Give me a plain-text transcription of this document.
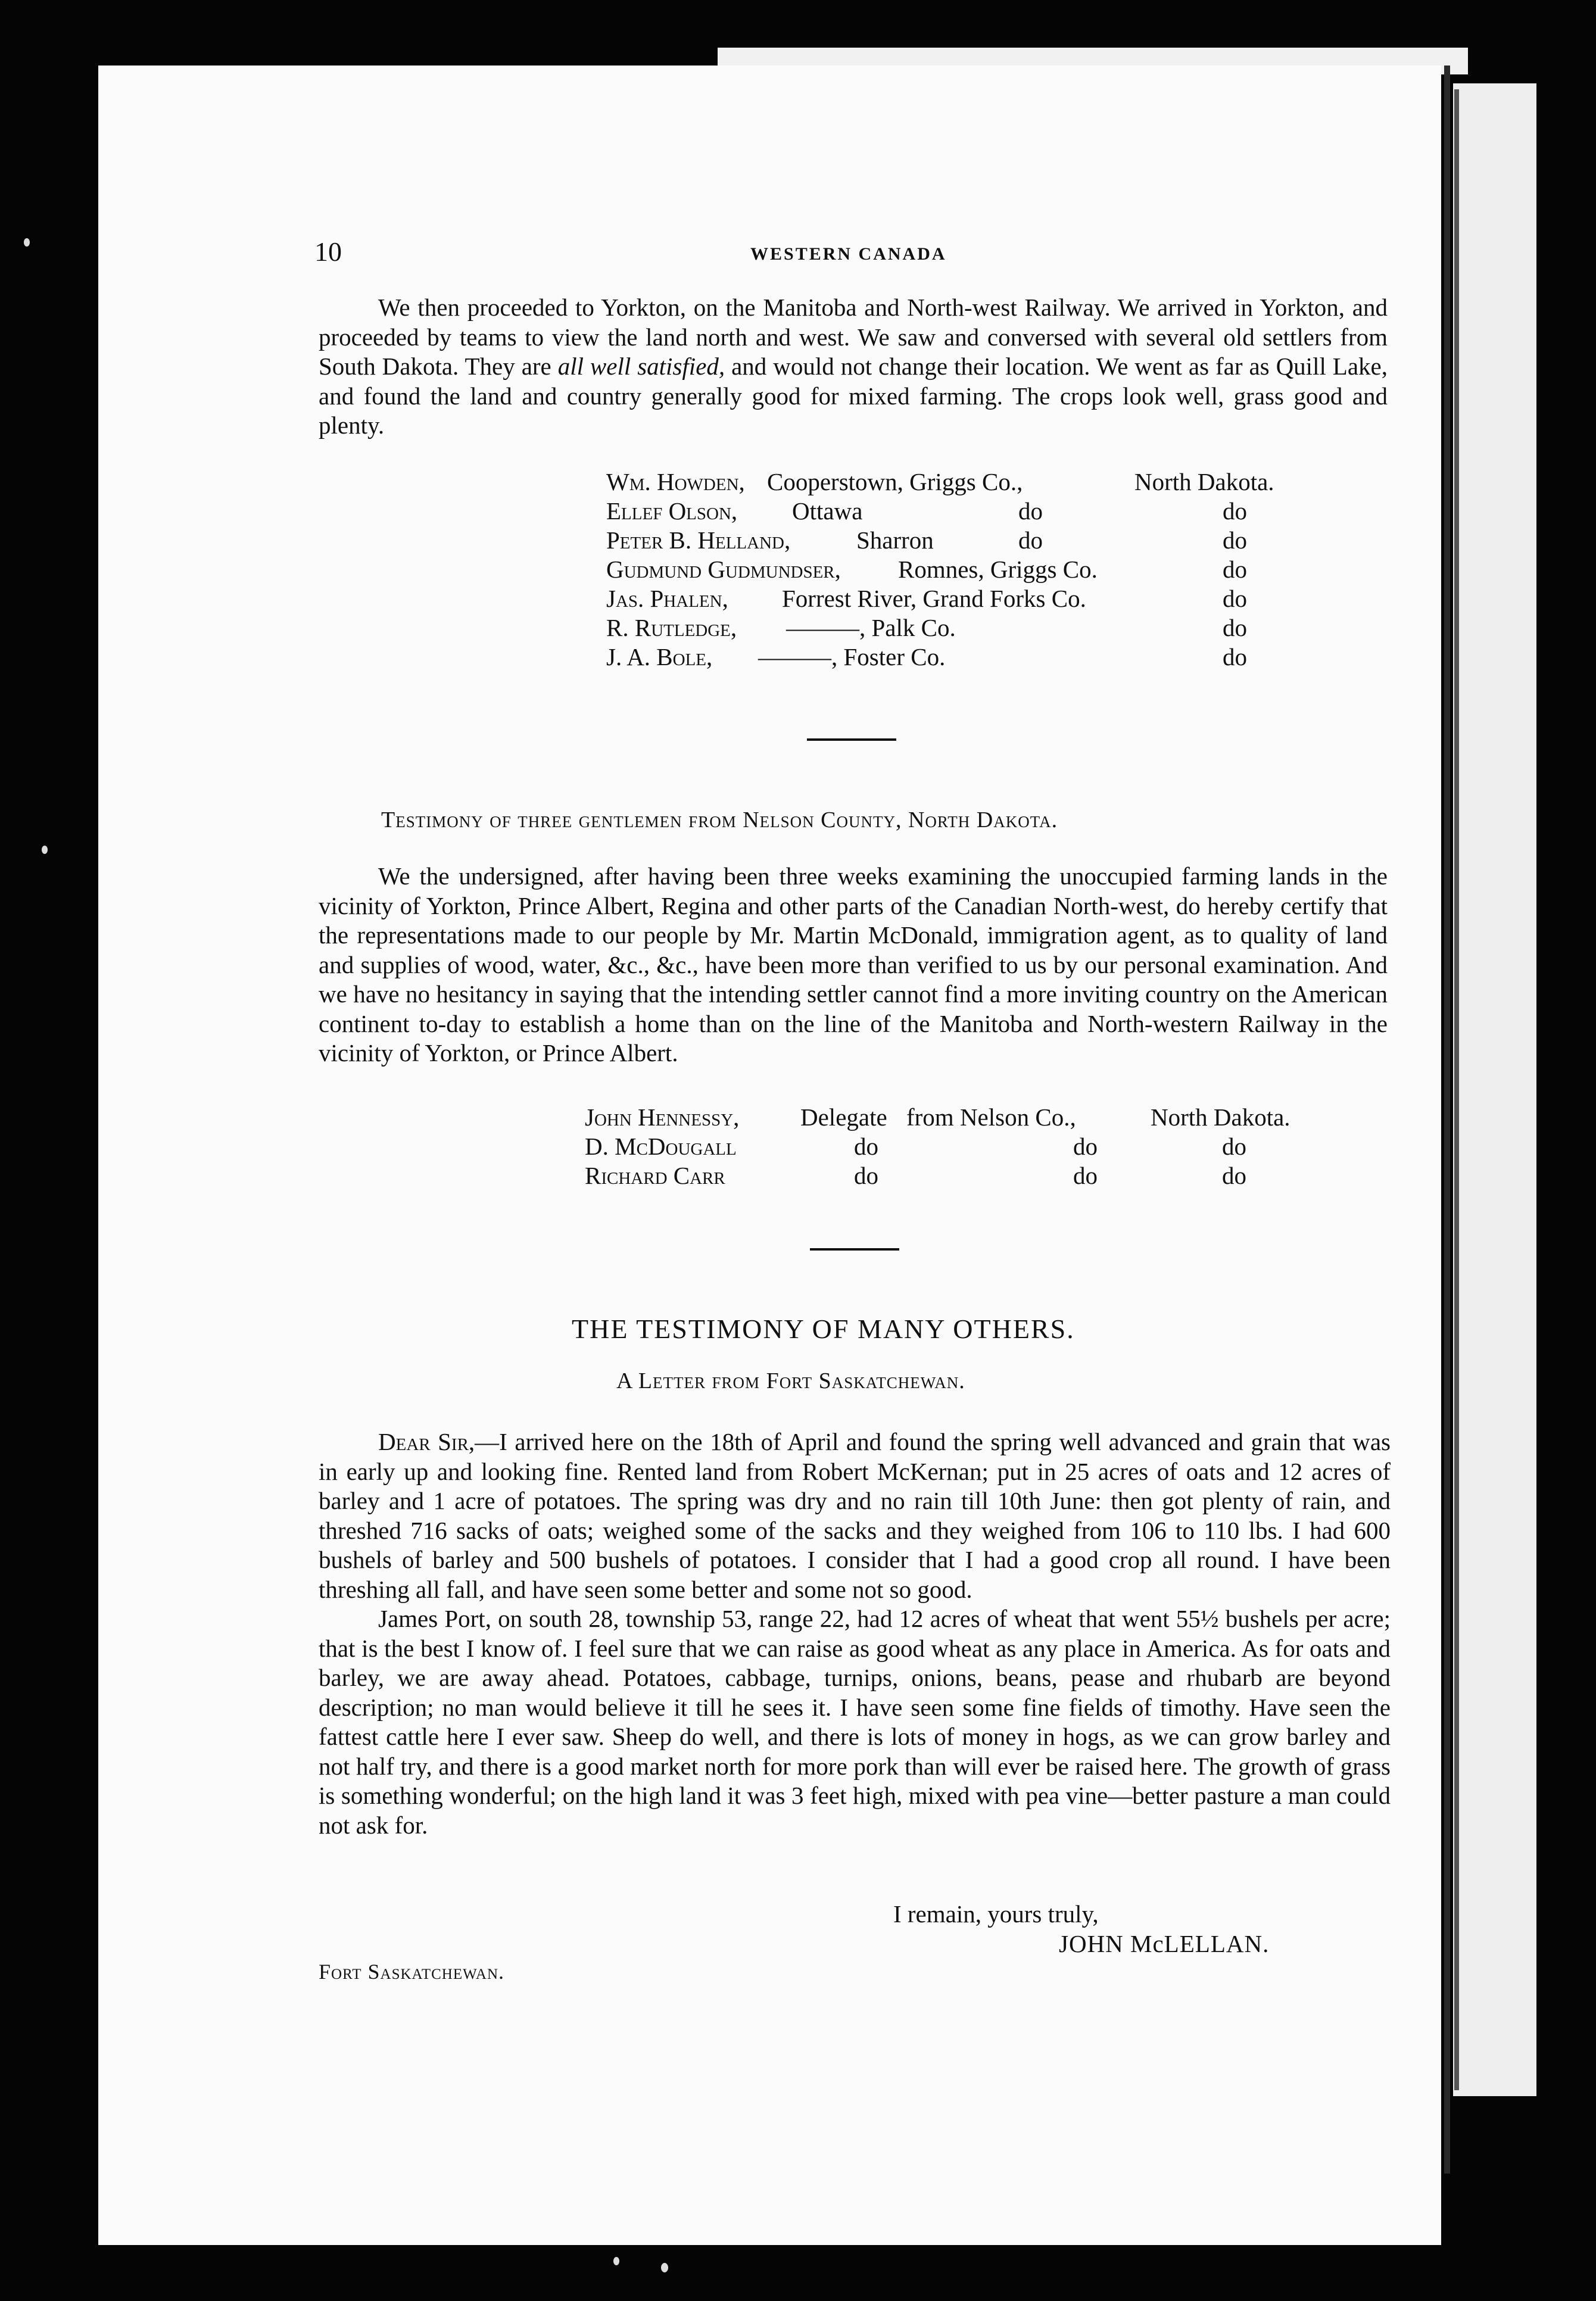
10	WESTERN CANADA

We then proceeded to Yorkton, on the Manitoba and North-west Railway. We arrived in Yorkton, and proceeded by teams to view the land north and west. We saw and conversed with several old settlers from South Dakota. They are all well satisfied, and would not change their location. We went as far as Quill Lake, and found the land and country generally good for mixed farming. The crops look well, grass good and plenty.

Wm. Howden, Cooperstown, Griggs Co.,	North Dakota.
Ellef Olson, Ottawa	do	do
Peter B. Helland,	Sharron	do	do
Gudmund Gudmundser, Romnes, Griggs Co.	do
Jas. Phalen, Forrest River, Grand Forks Co.	do
R. Rutledge, ———, Palk Co.	do
J. A. Bole, ———, Foster Co.	do
Testimony of three gentlemen from Nelson County, North Dakota.

We the undersigned, after having been three weeks examining the unoccupied farming lands in the vicinity of Yorkton, Prince Albert, Regina and other parts of the Canadian North-west, do hereby certify that the representations made to our people by Mr. Martin McDonald, immigration agent, as to quality of land and supplies of wood, water, &c., &c., have been more than verified to us by our personal examination. And we have no hesitancy in saying that the intending settler cannot find a more inviting country on the American continent to-day to establish a home than on the line of the Manitoba and North-western Railway in the vicinity of Yorkton, or Prince Albert.

John Hennessy,	Delegate from Nelson Co.,	North Dakota.
D. McDougall	do	do	do
Richard Carr	do	do	do
THE TESTIMONY OF MANY OTHERS.
A Letter from Fort Saskatchewan.

Dear Sir,—I arrived here on the 18th of April and found the spring well advanced and grain that was in early up and looking fine. Rented land from Robert McKernan; put in 25 acres of oats and 12 acres of barley and 1 acre of potatoes. The spring was dry and no rain till 10th June: then got plenty of rain, and threshed 716 sacks of oats; weighed some of the sacks and they weighed from 106 to 110 lbs. I had 600 bushels of barley and 500 bushels of potatoes. I consider that I had a good crop all round. I have been threshing all fall, and have seen some better and some not so good.

James Port, on south 28, township 53, range 22, had 12 acres of wheat that went 55½ bushels per acre; that is the best I know of. I feel sure that we can raise as good wheat as any place in America. As for oats and barley, we are away ahead. Potatoes, cabbage, turnips, onions, beans, pease and rhubarb are beyond description; no man would believe it till he sees it. I have seen some fine fields of timothy. Have seen the fattest cattle here I ever saw. Sheep do well, and there is lots of money in hogs, as we can grow barley and not half try, and there is a good market north for more pork than will ever be raised here. The growth of grass is something wonderful; on the high land it was 3 feet high, mixed with pea vine—better pasture a man could not ask for.

I remain, yours truly,
JOHN McLELLAN.
Fort Saskatchewan.
